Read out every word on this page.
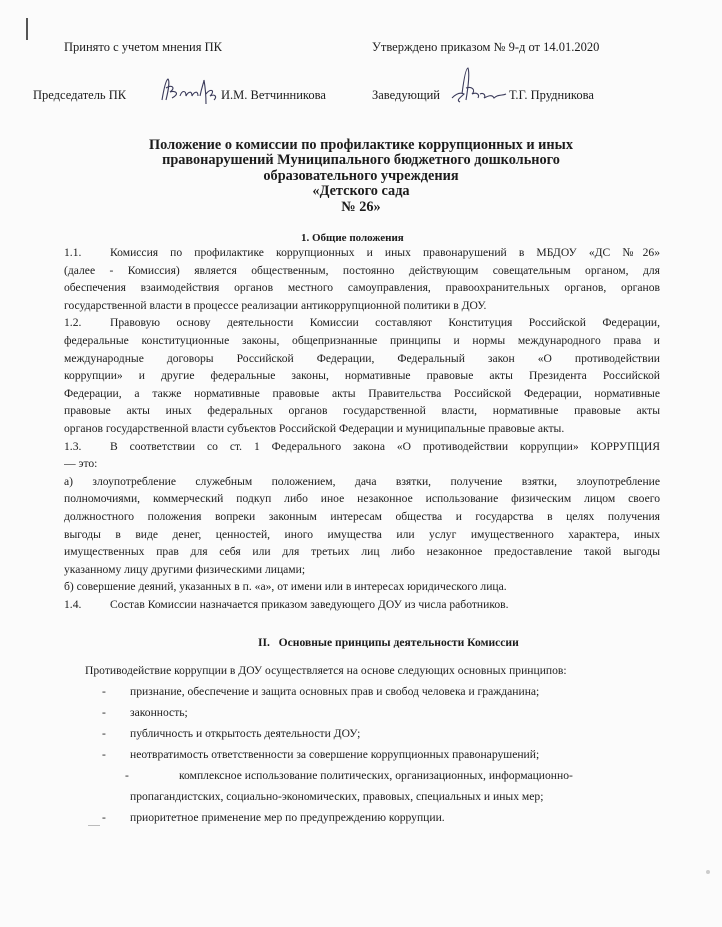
Принято с учетом мнения ПК	Утверждено приказом № 9-д от 14.01.2020
Председатель ПК	И.М. Ветчинникова	Заведующий	Т.Г. Прудникова
Положение о комиссии по профилактике коррупционных и иных
правонарушений Муниципального бюджетного дошкольного
образовательного учреждения
«Детского сада
№ 26»
1. Общие положения
1.1. Комиссия по профилактике коррупционных и иных правонарушений в МБДОУ «ДС №26»
(далее - Комиссия) является общественным, постоянно действующим совещательным органом, для
обеспечения взаимодействия органов местного самоуправления, правоохранительных органов, органов
государственной власти в процессе реализации антикоррупционной политики в ДОУ.
1.2. Правовую основу деятельности Комиссии составляют Конституция Российской Федерации,
федеральные конституционные законы, общепризнанные принципы и нормы международного права и
международные договоры Российской Федерации, Федеральный закон «О противодействии
коррупции» и другие федеральные законы, нормативные правовые акты Президента Российской
Федерации, а также нормативные правовые акты Правительства Российской Федерации, нормативные
правовые акты иных федеральных органов государственной власти, нормативные правовые акты
органов государственной власти субъектов Российской Федерации и муниципальные правовые акты.
1.3. В соответствии со ст. 1 Федерального закона «О противодействии коррупции» КОРРУПЦИЯ
— это:
а) злоупотребление служебным положением, дача взятки, получение взятки, злоупотребление
полномочиями, коммерческий подкуп либо иное незаконное использование физическим лицом своего
должностного положения вопреки законным интересам общества и государства в целях получения
выгоды в виде денег, ценностей, иного имущества или услуг имущественного характера, иных
имущественных прав для себя или для третьих лиц либо незаконное предоставление такой выгоды
указанному лицу другими физическими лицами;
б) совершение деяний, указанных в п. «а», от имени или в интересах юридического лица.
1.4. Состав Комиссии назначается приказом заведующего ДОУ из числа работников.
II. Основные принципы деятельности Комиссии
Противодействие коррупции в ДОУ осуществляется на основе следующих основных принципов:
- признание, обеспечение и защита основных прав и свобод человека и гражданина;
- законность;
- публичность и открытость деятельности ДОУ;
- неотвратимость ответственности за совершение коррупционных правонарушений;
-	комплексное использование политических, организационных, информационно-
пропагандистских, социально-экономических, правовых, специальных и иных мер;
- приоритетное применение мер по предупреждению коррупции.
